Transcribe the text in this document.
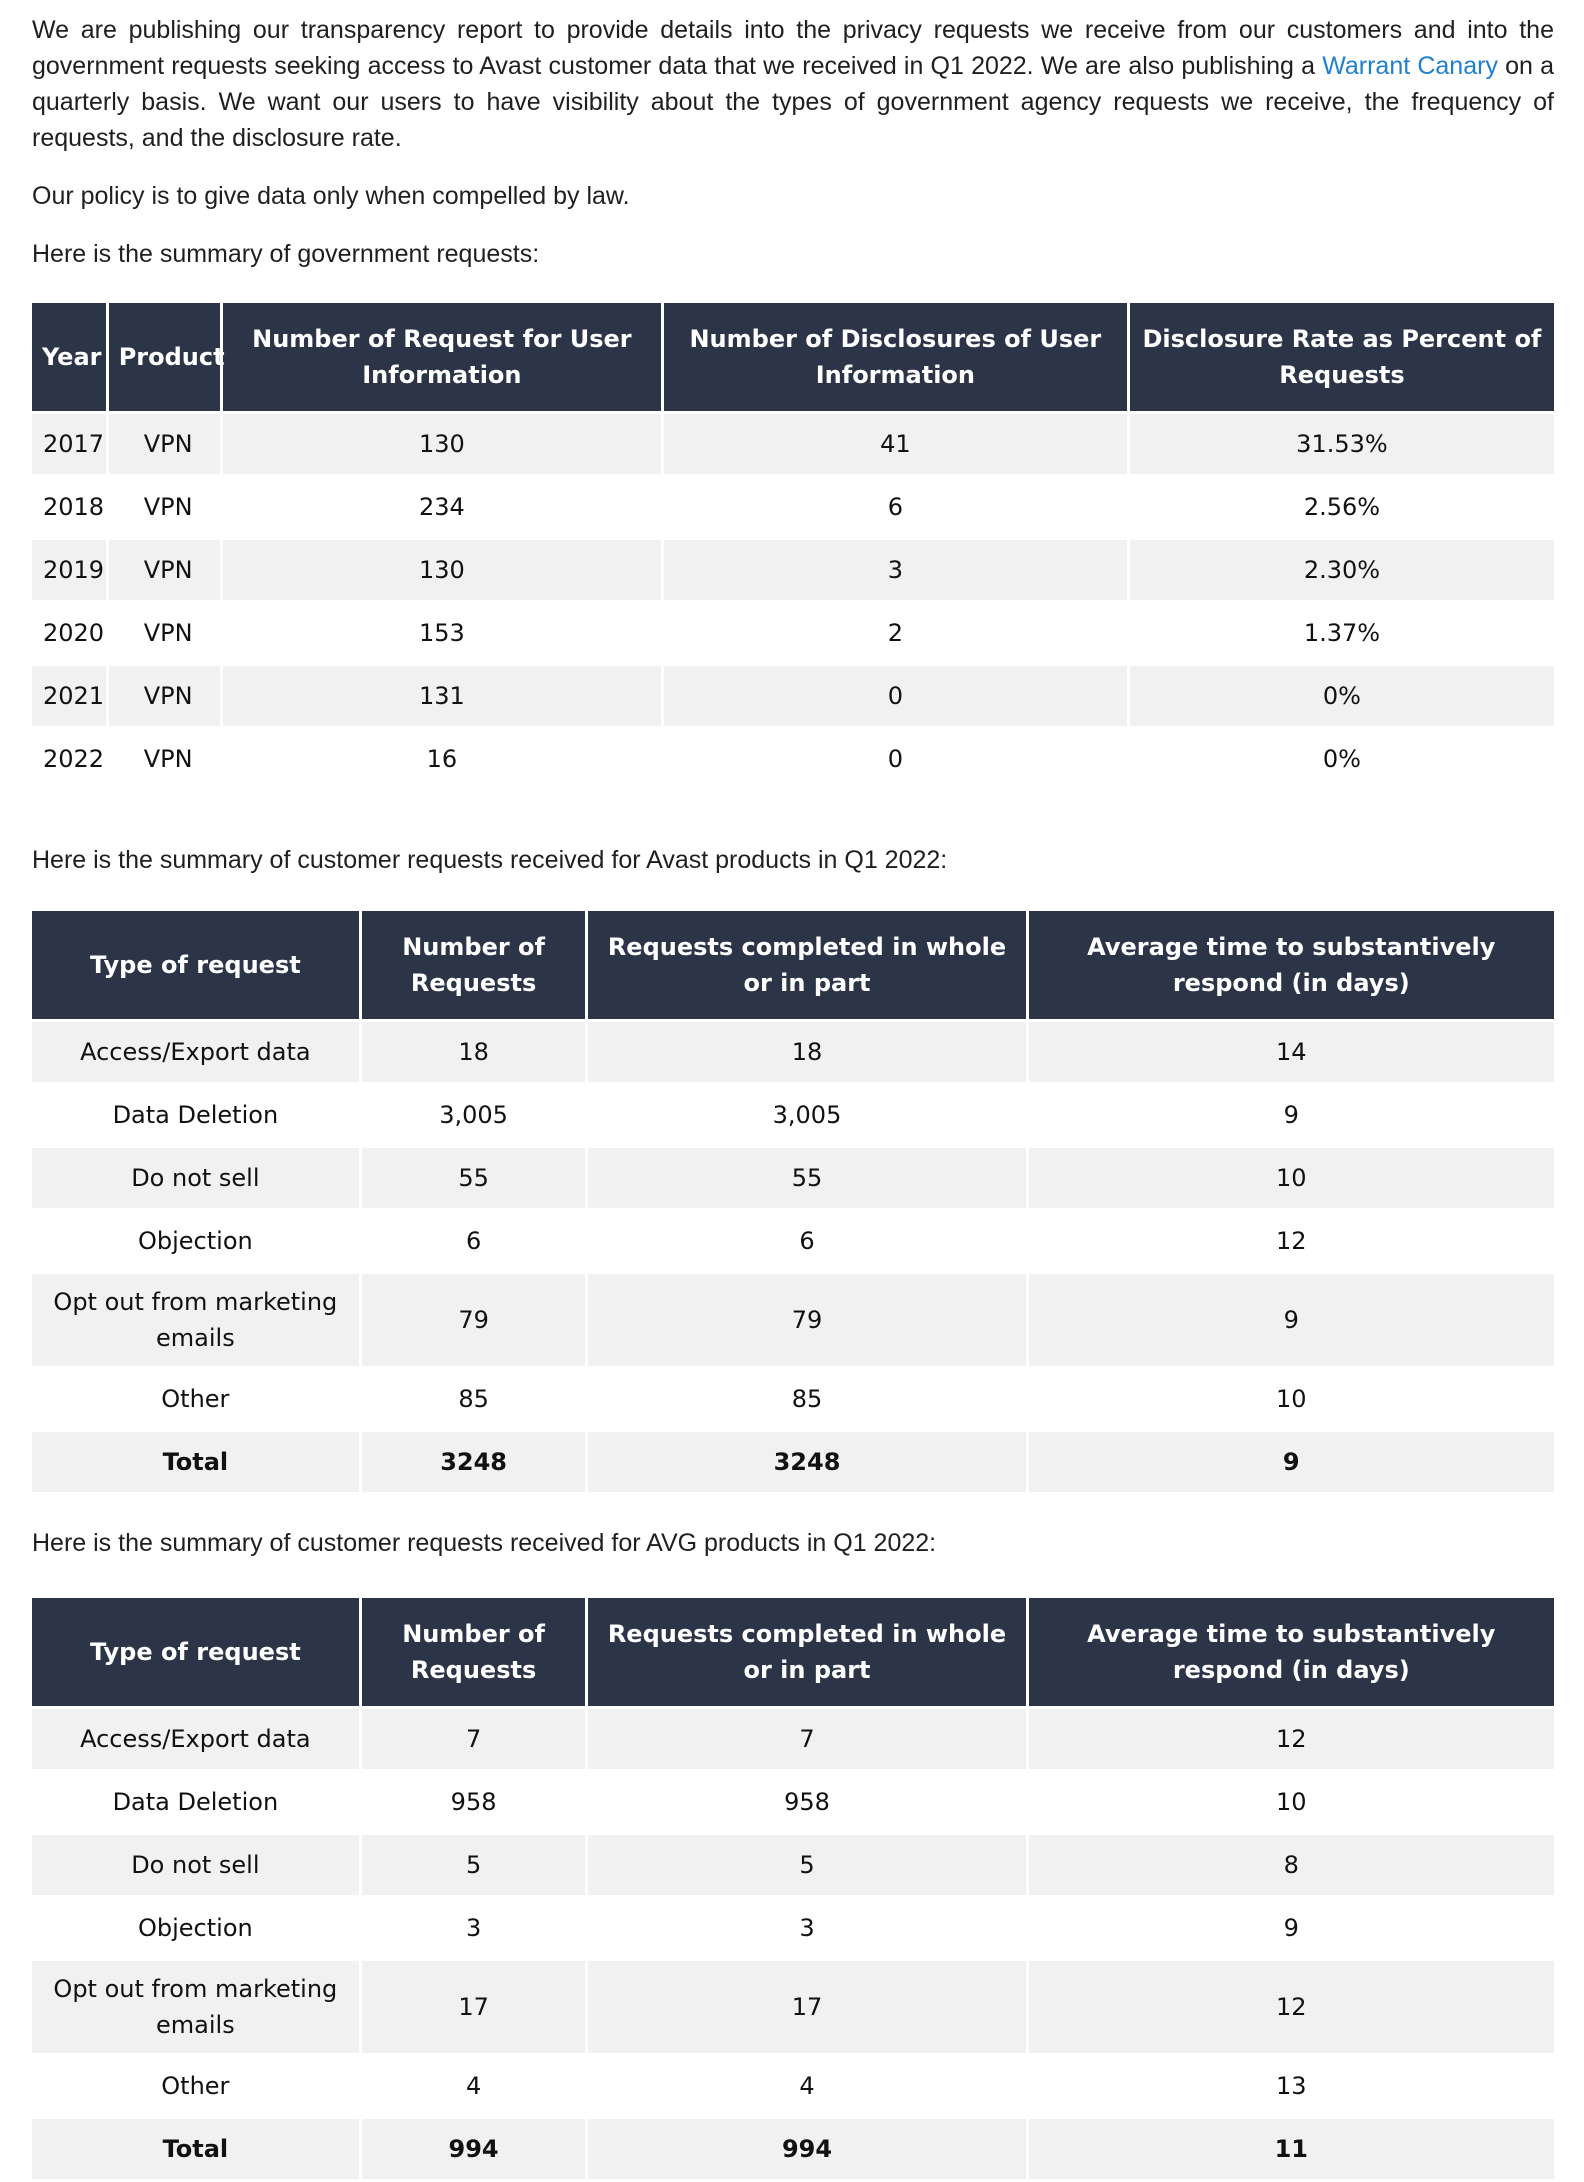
We are publishing our transparency report to provide details into the privacy requests we receive from our customers and into the government requests seeking access to Avast customer data that we received in Q1 2022. We are also publishing a Warrant Canary on a quarterly basis. We want our users to have visibility about the types of government agency requests we receive, the frequency of requests, and the disclosure rate.

Our policy is to give data only when compelled by law.

Here is the summary of government requests:

Year	Product	Number of Request for User Information	Number of Disclosures of User Information	Disclosure Rate as Percent of Requests
2017	VPN	130	41	31.53%
2018	VPN	234	6	2.56%
2019	VPN	130	3	2.30%
2020	VPN	153	2	1.37%
2021	VPN	131	0	0%
2022	VPN	16	0	0%

Here is the summary of customer requests received for Avast products in Q1 2022:

Type of request	Number of Requests	Requests completed in whole or in part	Average time to substantively respond (in days)
Access/Export data	18	18	14
Data Deletion	3,005	3,005	9
Do not sell	55	55	10
Objection	6	6	12
Opt out from marketing emails	79	79	9
Other	85	85	10
Total	3248	3248	9

Here is the summary of customer requests received for AVG products in Q1 2022:

Type of request	Number of Requests	Requests completed in whole or in part	Average time to substantively respond (in days)
Access/Export data	7	7	12
Data Deletion	958	958	10
Do not sell	5	5	8
Objection	3	3	9
Opt out from marketing emails	17	17	12
Other	4	4	13
Total	994	994	11
